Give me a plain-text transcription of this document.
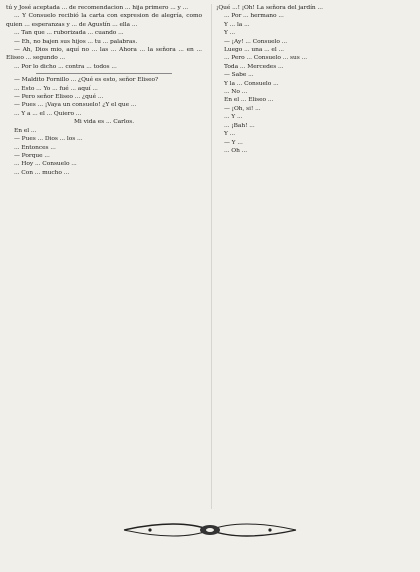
tú y José aceptada ... de recomendacion ... hija primero ... y ...

... Y Consuelo recibió la carta con expresion de alegría, como quien ... esperanzas y ... de Agustín ... ella ...

... Tan que ... ruborizada ... cuando ...

— Eh, no bajen sus hijos ... tu ... palabras.

— Ah, Dios mio, aquí no ... las ... Ahora ... la señora ... en ... Eliseo ... segundo ...

... Por lo dicho ... contra ... todos ...

— Maldito Fornillo ... ¿Qué es esto, señor Eliseo?

... Esto ... Yo ... fué ... aquí ...

— Pero señor Eliseo ... ¿qué ...

— Pues ... ¡Vaya un consuelo! ¿Y el que ...

... Y a ... el ... Quiero ...

Mi vida es ... Carlos.

En el ...

— Pues ... Dios ... los ...

... Entonces ...

— Porque ...

... Hoy ... Consuelo ...

... Con ... mucho ...

¡Qué ...! ¡Oh! La señora del jardín ...

... Por ... hermano ...

Y ... la ...

Y ...

— ¡Ay! ... Consuelo ...

Luego ... una ... el ...

... Pero ... Consuelo ... sus ...

Toda ... Mercedes ...

— Sabe ...

Y la ... Consuelo ...

... No ...

En el ... Eliseo ...

— ¡Oh, si! ...

... Y ...

... ¡Bah! ...

Y ...

— Y ...

... Oh ...
